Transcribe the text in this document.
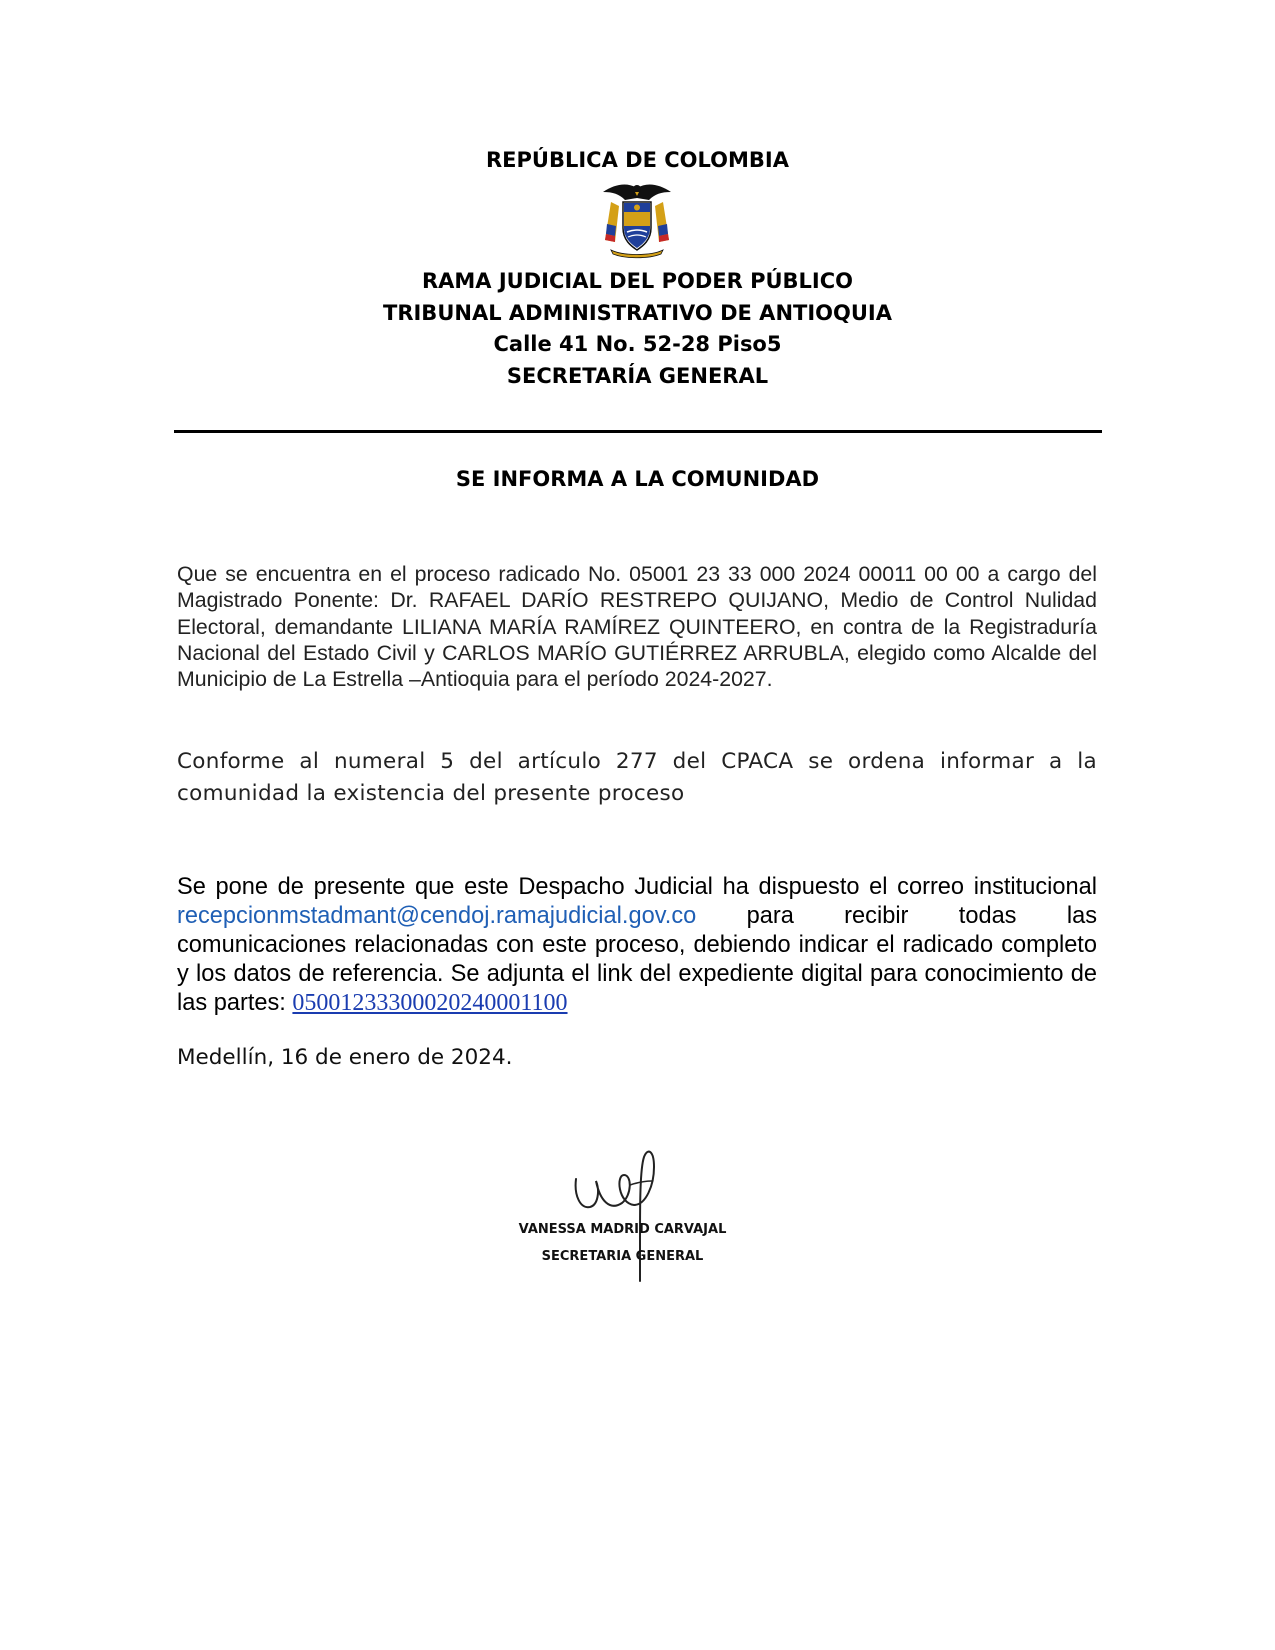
REPÚBLICA DE COLOMBIA
RAMA JUDICIAL DEL PODER PÚBLICO
TRIBUNAL ADMINISTRATIVO DE ANTIOQUIA
Calle 41 No. 52-28 Piso5
SECRETARÍA GENERAL
SE INFORMA A LA COMUNIDAD
Que se encuentra en el proceso radicado No. 05001 23 33 000 2024 00011 00 00 a cargo del Magistrado Ponente: Dr. RAFAEL DARÍO RESTREPO QUIJANO, Medio de Control Nulidad Electoral, demandante LILIANA MARÍA RAMÍREZ QUINTEERO, en contra de la Registraduría Nacional del Estado Civil y CARLOS MARÍO GUTIÉRREZ ARRUBLA, elegido como Alcalde del Municipio de La Estrella –Antioquia para el período 2024-2027.
Conforme al numeral 5 del artículo 277 del CPACA se ordena informar a la comunidad la existencia del presente proceso
Se pone de presente que este Despacho Judicial ha dispuesto el correo institucional recepcionmstadmant@cendoj.ramajudicial.gov.co para recibir todas las comunicaciones relacionadas con este proceso, debiendo indicar el radicado completo y los datos de referencia. Se adjunta el link del expediente digital para conocimiento de las partes: 05001233300020240001100
Medellín, 16 de enero de 2024.
VANESSA MADRID CARVAJAL
SECRETARIA GENERAL
